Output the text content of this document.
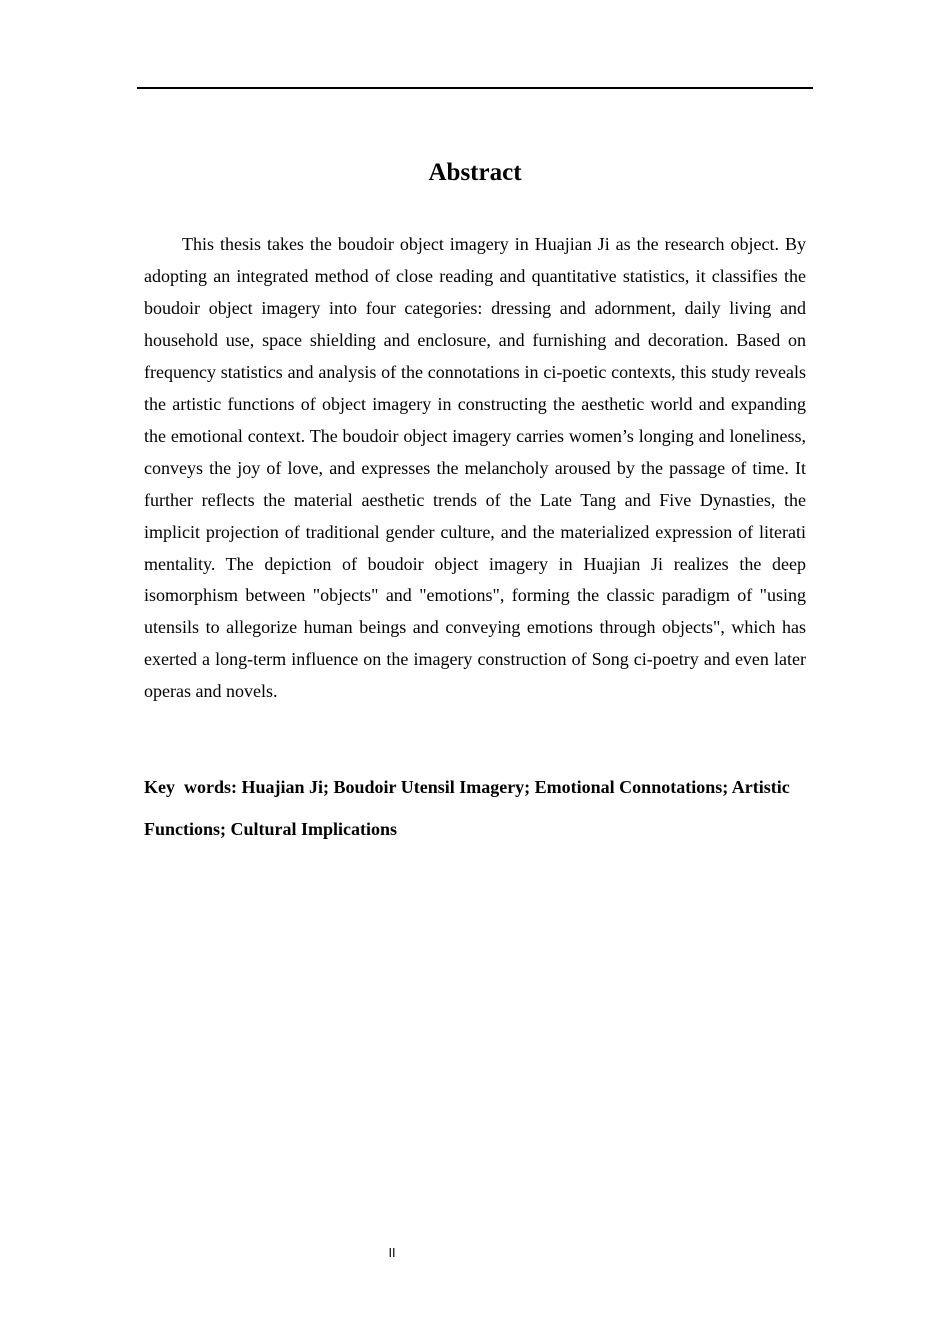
Abstract

This thesis takes the boudoir object imagery in Huajian Ji as the research object. By adopting an integrated method of close reading and quantitative statistics, it classifies the boudoir object imagery into four categories: dressing and adornment, daily living and household use, space shielding and enclosure, and furnishing and decoration. Based on frequency statistics and analysis of the connotations in ci-poetic contexts, this study reveals the artistic functions of object imagery in constructing the aesthetic world and expanding the emotional context. The boudoir object imagery carries women’s longing and loneliness, conveys the joy of love, and expresses the melancholy aroused by the passage of time. It further reflects the material aesthetic trends of the Late Tang and Five Dynasties, the implicit projection of traditional gender culture, and the materialized expression of literati mentality. The depiction of boudoir object imagery in Huajian Ji realizes the deep isomorphism between "objects" and "emotions", forming the classic paradigm of "using utensils to allegorize human beings and conveying emotions through objects", which has exerted a long-term influence on the imagery construction of Song ci-poetry and even later operas and novels.

Key  words: Huajian Ji; Boudoir Utensil Imagery; Emotional Connotations; Artistic Functions; Cultural Implications

II
